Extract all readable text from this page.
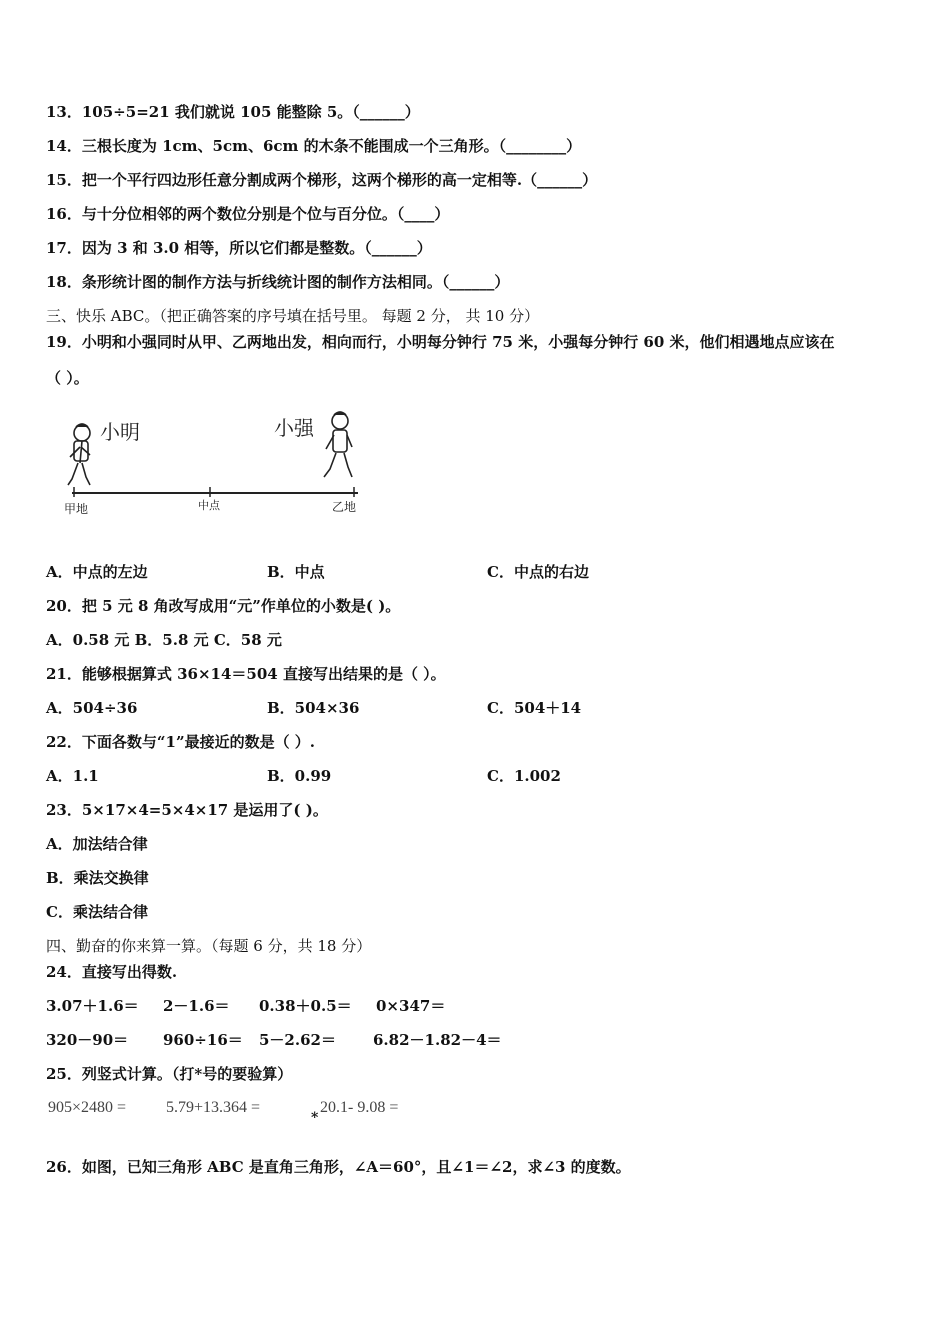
13．105÷5=21 我们就说 105 能整除 5。（______）
14．三根长度为 1cm、5cm、6cm 的木条不能围成一个三角形。（________）
15．把一个平行四边形任意分割成两个梯形，这两个梯形的高一定相等.（______）
16．与十分位相邻的两个数位分别是个位与百分位。（____）
17．因为 3 和 3.0 相等，所以它们都是整数。（______）
18．条形统计图的制作方法与折线统计图的制作方法相同。（______）
三、快乐 ABC。（把正确答案的序号填在括号里。 每题 2 分， 共 10 分）
19．小明和小强同时从甲、乙两地出发，相向而行，小明每分钟行 75 米，小强每分钟行 60 米，他们相遇地点应该在
（ ）。
小明	小强
甲地	中点	乙地
A．中点的左边	B．中点	C．中点的右边
20．把 5 元 8 角改写成用“元”作单位的小数是( )。
A．0.58 元 B．5.8 元 C．58 元
21．能够根据算式 36×14＝504 直接写出结果的是（ ）。
A．504÷36	B．504×36	C．504＋14
22．下面各数与“1”最接近的数是（ ）.
A．1.1	B．0.99	C．1.002
23．5×17×4=5×4×17 是运用了( )。
A．加法结合律
B．乘法交换律
C．乘法结合律
四、勤奋的你来算一算。（每题 6 分，共 18 分）
24．直接写出得数.
3.07＋1.6＝ 2－1.6＝ 0.38＋0.5＝ 0×347＝
320－90＝ 960÷16＝ 5－2.62＝ 6.82－1.82－4＝
25．列竖式计算。（打*号的要验算）
905×2480 = 5.79+13.364 =
*
20.1- 9.08 =
26．如图，已知三角形 ABC 是直角三角形，∠A＝60°，且∠1＝∠2，求∠3 的度数。
